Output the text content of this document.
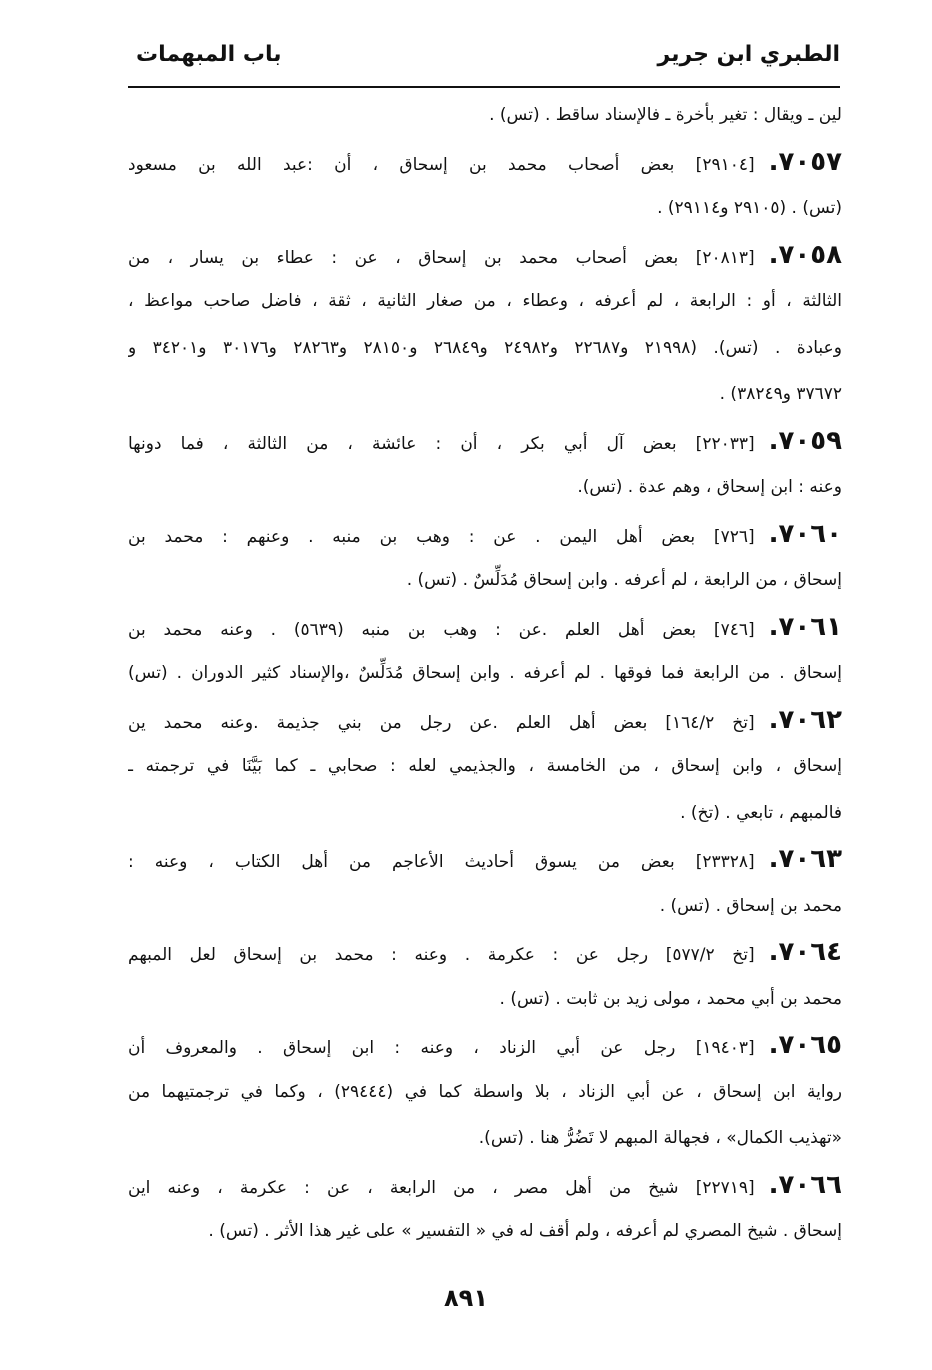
الطبري ابن جرير
باب المبهمات
لين ـ ويقال : تغير بأخرة ـ فالإسناد ساقط . (تس) .
٧٠٥٧.[٢٩١٠٤] بعض أصحاب محمد بن إسحاق ، أن :عبد الله بن مسعود
(تس) . (٢٩١٠٥ و٢٩١١٤) .
٧٠٥٨.[٢٠٨١٣] بعض أصحاب محمد بن إسحاق ، عن : عطاء بن يسار ، من
الثالثة ، أو : الرابعة ، لم أعرفه ، وعطاء ، من صغار الثانية ، ثقة ، فاضل صاحب مواعظ ،
وعبادة . (تس). (٢١٩٩٨ و٢٢٦٨٧ و٢٤٩٨٢ و٢٦٨٤٩ و٢٨١٥٠ و٢٨٢٦٣ و٣٠١٧٦ و٣٤٢٠١ و
٣٧٦٧٢ و٣٨٢٤٩) .
٧٠٥٩.[٢٢٠٣٣] بعض آل أبي بكر ، أن : عائشة ، من الثالثة ، فما دونها
وعنه : ابن إسحاق ، وهم عدة . (تس).
٧٠٦٠.[٧٢٦] بعض أهل اليمن . عن : وهب بن منبه . وعنهم : محمد بن
إسحاق ، من الرابعة ، لم أعرفه . وابن إسحاق مُدَلِّسٌ . (تس) .
٧٠٦١.[٧٤٦] بعض أهل العلم .عن : وهب بن منبه (٥٦٣٩) . وعنه محمد بن
إسحاق . من الرابعة فما فوقها . لم أعرفه . وابن إسحاق مُدَلِّسٌ ،والإسناد كثير الدوران . (تس)
٧٠٦٢.[تخ ١٦٤/٢] بعض أهل العلم .عن رجل من بني جذيمة .وعنه محمد ين
إسحاق ، وابن إسحاق ، من الخامسة ، والجذيمي لعله : صحابي ـ كما بَيَّنَا في ترجمته ـ
فالمبهم ، تابعي . (تخ) .
٧٠٦٣.[٢٣٣٢٨] بعض من يسوق أحاديث الأعاجم من أهل الكتاب ، وعنه :
محمد بن إسحاق . (تس) .
٧٠٦٤.[تخ ٥٧٧/٢] رجل عن : عكرمة . وعنه : محمد بن إسحاق لعل المبهم
محمد بن أبي محمد ، مولى زيد بن ثابت . (تس) .
٧٠٦٥.[١٩٤٠٣] رجل عن أبي الزناد ، وعنه : ابن إسحاق . والمعروف أن
رواية ابن إسحاق ، عن أبي الزناد ، بلا واسطة كما في (٢٩٤٤٤) ، وكما في ترجمتيهما من
«تهذيب الكمال» ، فجهالة المبهم لا تَضُرُّ هنا . (تس).
٧٠٦٦.[٢٢٧١٩] شيخ من أهل مصر ، من الرابعة ، عن : عكرمة ، وعنه اين
إسحاق . شيخ المصري لم أعرفه ، ولم أقف له في « التفسير » على غير هذا الأثر . (تس) .
٨٩١
